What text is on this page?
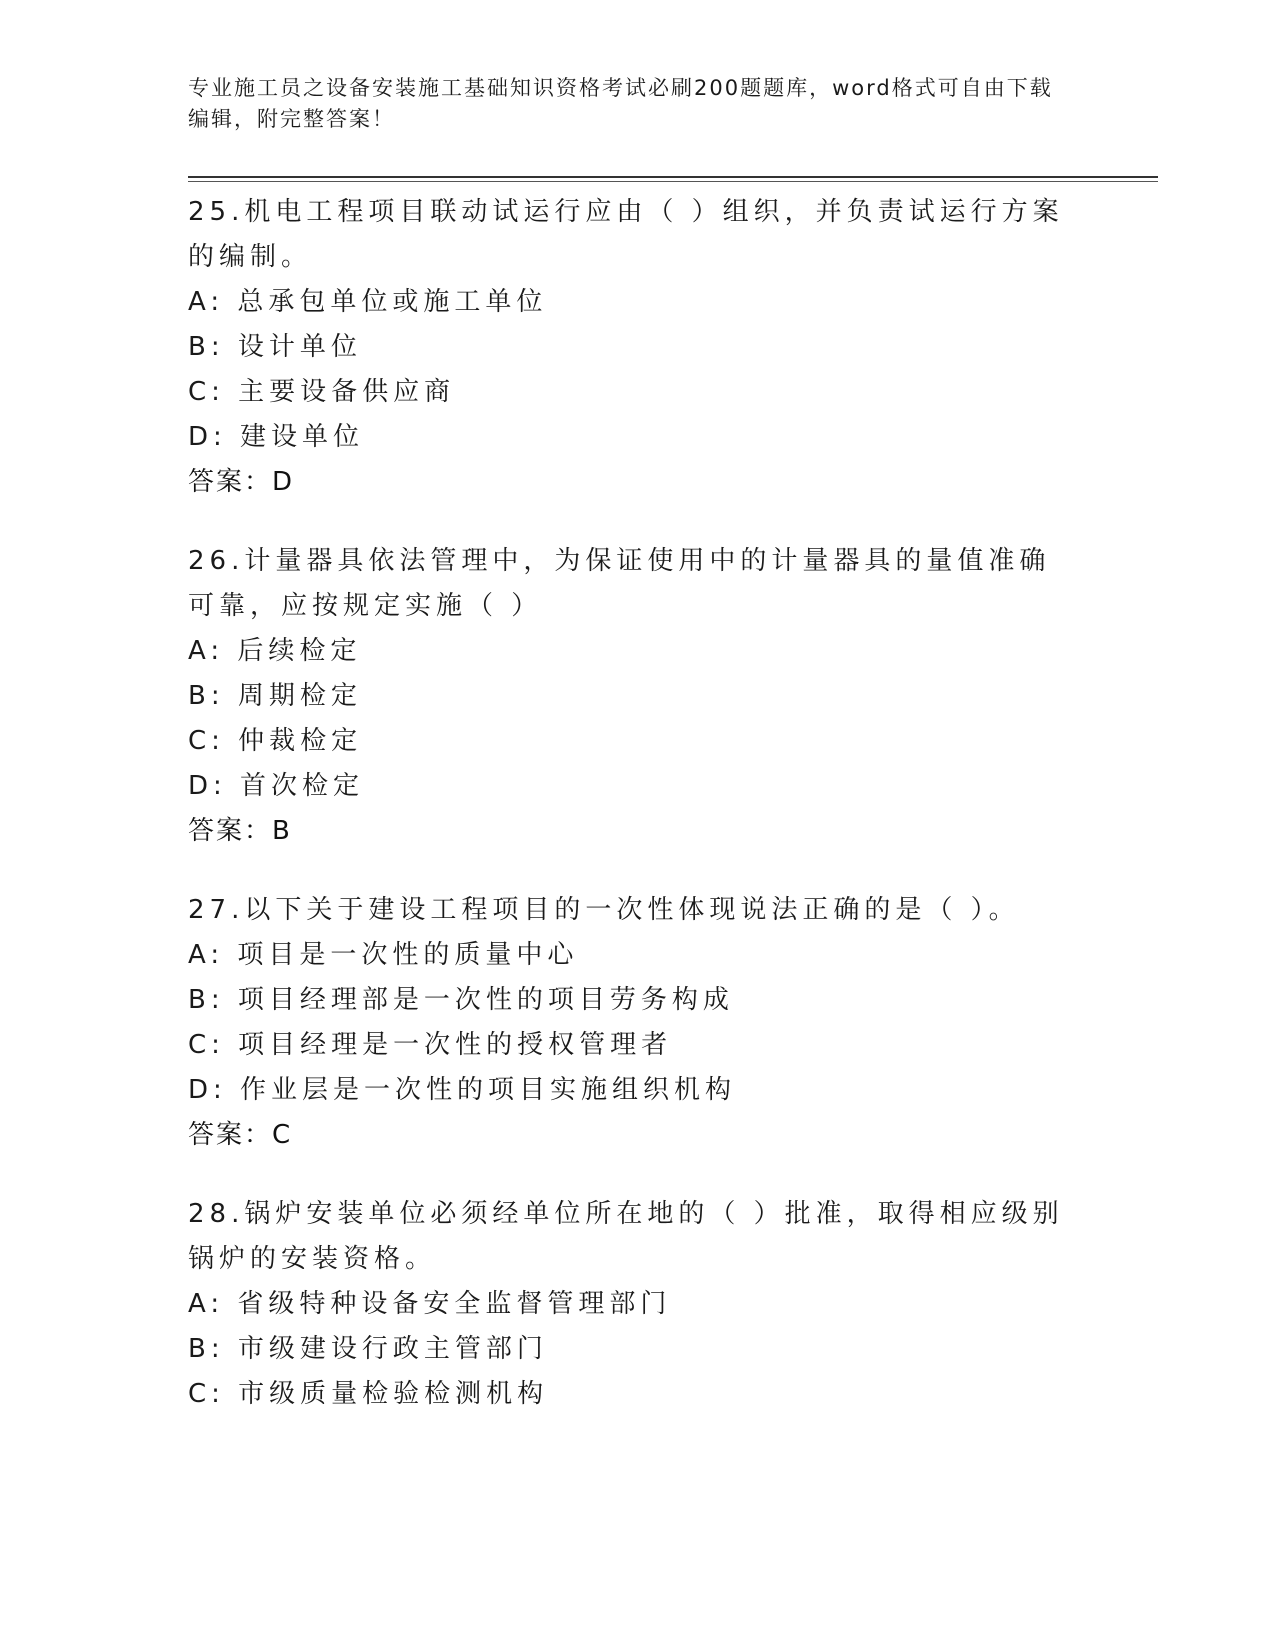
专业施工员之设备安装施工基础知识资格考试必刷200题题库，word格式可自由下载编辑，附完整答案！

25.机电工程项目联动试运行应由（ ）组织，并负责试运行方案的编制。

A: 总承包单位或施工单位

B: 设计单位

C: 主要设备供应商

D: 建设单位

答案：D

26.计量器具依法管理中，为保证使用中的计量器具的量值准确可靠，应按规定实施（ ）

A: 后续检定

B: 周期检定

C: 仲裁检定

D: 首次检定

答案：B

27.以下关于建设工程项目的一次性体现说法正确的是（ ）。

A: 项目是一次性的质量中心

B: 项目经理部是一次性的项目劳务构成

C: 项目经理是一次性的授权管理者

D: 作业层是一次性的项目实施组织机构

答案：C

28.锅炉安装单位必须经单位所在地的（ ）批准，取得相应级别锅炉的安装资格。

A: 省级特种设备安全监督管理部门

B: 市级建设行政主管部门

C: 市级质量检验检测机构
